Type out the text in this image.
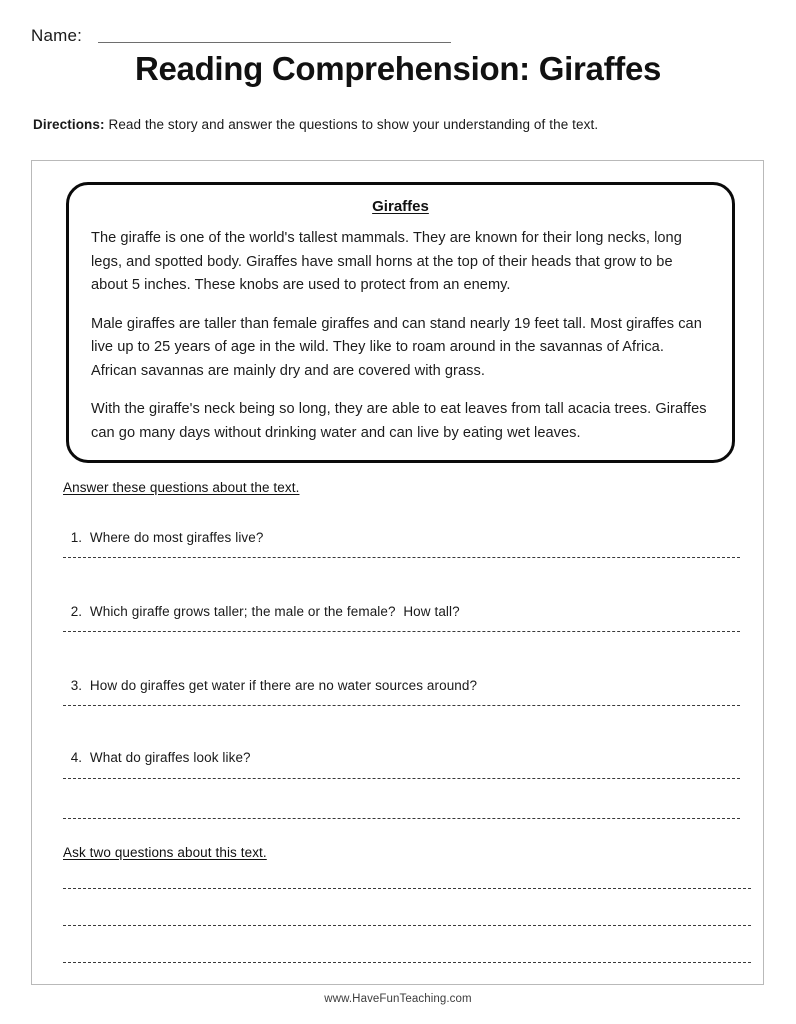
Name:
Reading Comprehension: Giraffes
Directions: Read the story and answer the questions to show your understanding of the text.
Giraffes

The giraffe is one of the world's tallest mammals. They are known for their long necks, long legs, and spotted body. Giraffes have small horns at the top of their heads that grow to be about 5 inches. These knobs are used to protect from an enemy.

Male giraffes are taller than female giraffes and can stand nearly 19 feet tall. Most giraffes can live up to 25 years of age in the wild. They like to roam around in the savannas of Africa. African savannas are mainly dry and are covered with grass.

With the giraffe's neck being so long, they are able to eat leaves from tall acacia trees. Giraffes can go many days without drinking water and can live by eating wet leaves.

Answer these questions about the text.

1. Where do most giraffes live?

2. Which giraffe grows taller; the male or the female?  How tall?

3. How do giraffes get water if there are no water sources around?

4. What do giraffes look like?

Ask two questions about this text.
www.HaveFunTeaching.com
